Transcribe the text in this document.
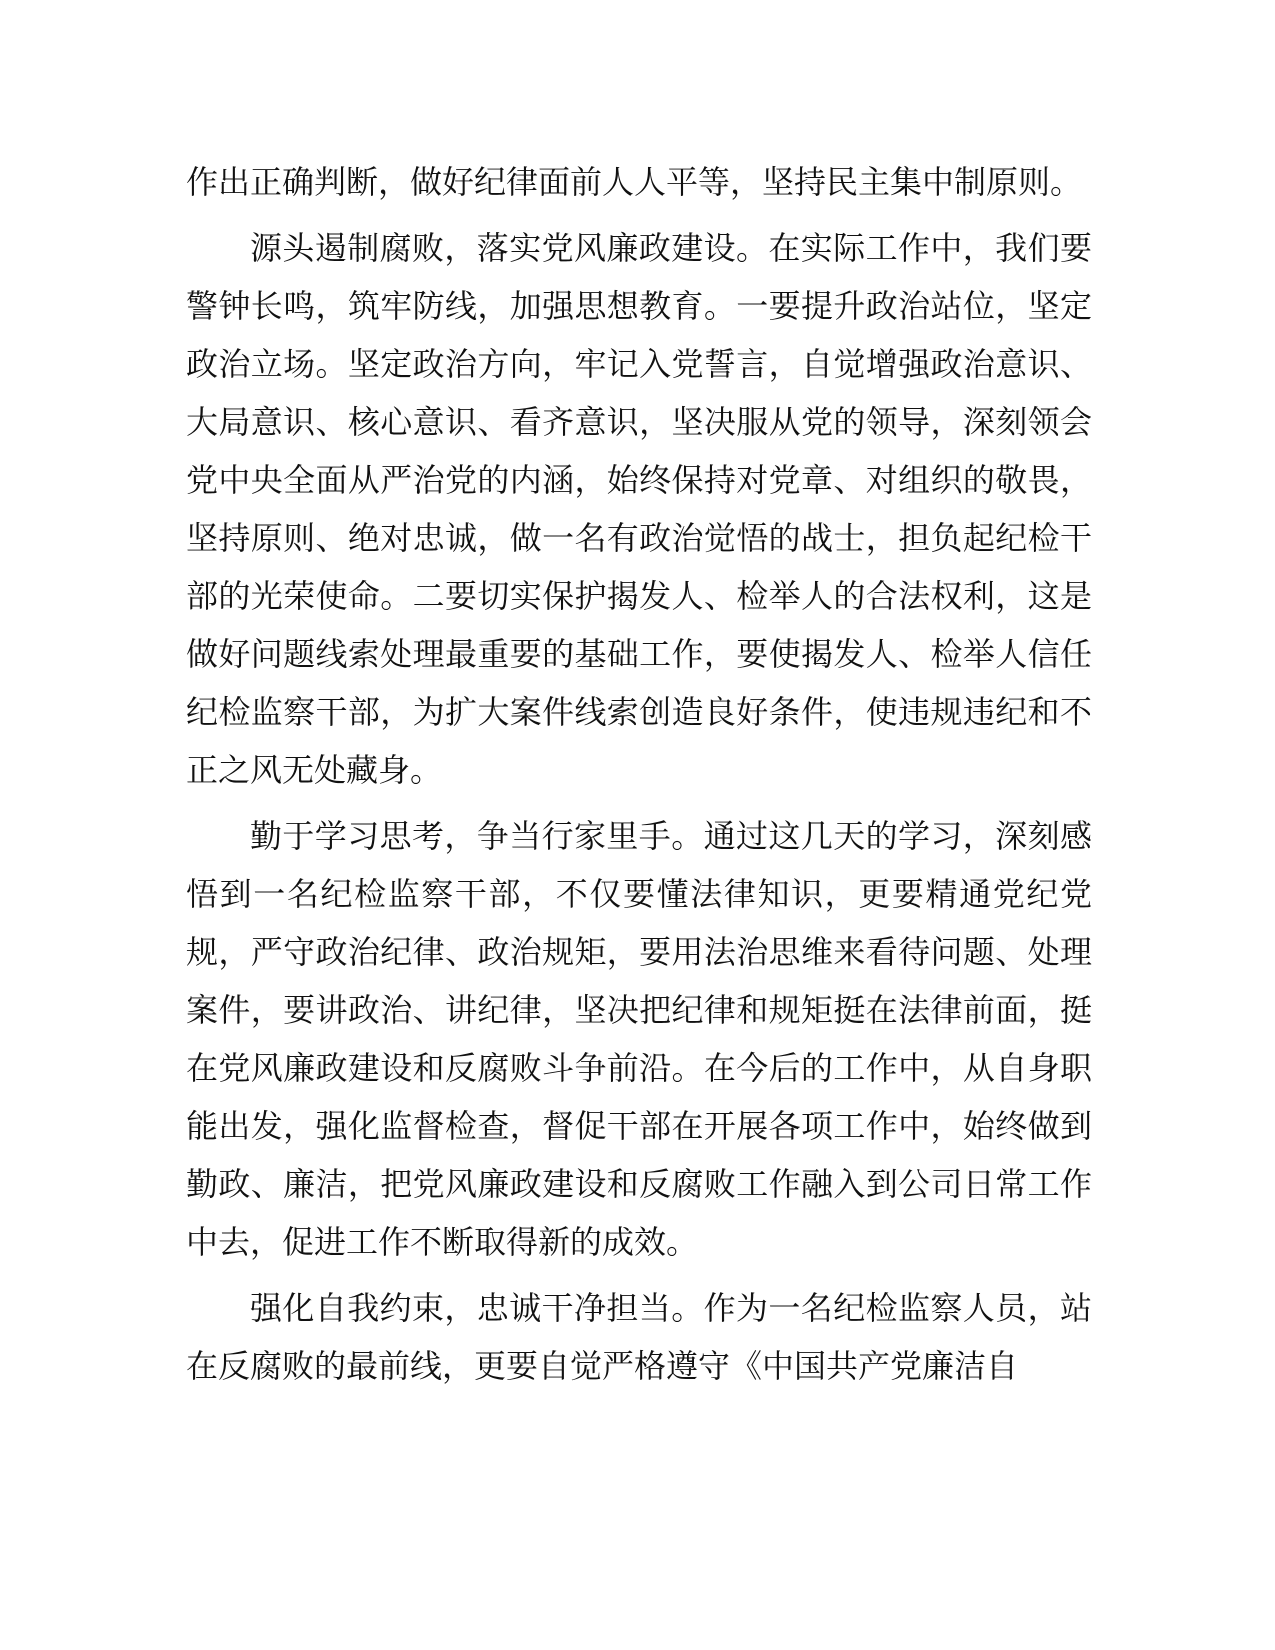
作出正确判断，做好纪律面前人人平等，坚持民主集中制原则。

源头遏制腐败，落实党风廉政建设。在实际工作中，我们要警钟长鸣，筑牢防线，加强思想教育。一要提升政治站位，坚定政治立场。坚定政治方向，牢记入党誓言，自觉增强政治意识、大局意识、核心意识、看齐意识，坚决服从党的领导，深刻领会党中央全面从严治党的内涵，始终保持对党章、对组织的敬畏，坚持原则、绝对忠诚，做一名有政治觉悟的战士，担负起纪检干部的光荣使命。二要切实保护揭发人、检举人的合法权利，这是做好问题线索处理最重要的基础工作，要使揭发人、检举人信任纪检监察干部，为扩大案件线索创造良好条件，使违规违纪和不正之风无处藏身。

勤于学习思考，争当行家里手。通过这几天的学习，深刻感悟到一名纪检监察干部，不仅要懂法律知识，更要精通党纪党规，严守政治纪律、政治规矩，要用法治思维来看待问题、处理案件，要讲政治、讲纪律，坚决把纪律和规矩挺在法律前面，挺在党风廉政建设和反腐败斗争前沿。在今后的工作中，从自身职能出发，强化监督检查，督促干部在开展各项工作中，始终做到勤政、廉洁，把党风廉政建设和反腐败工作融入到公司日常工作中去，促进工作不断取得新的成效。

强化自我约束，忠诚干净担当。作为一名纪检监察人员，站在反腐败的最前线，更要自觉严格遵守《中国共产党廉洁自
